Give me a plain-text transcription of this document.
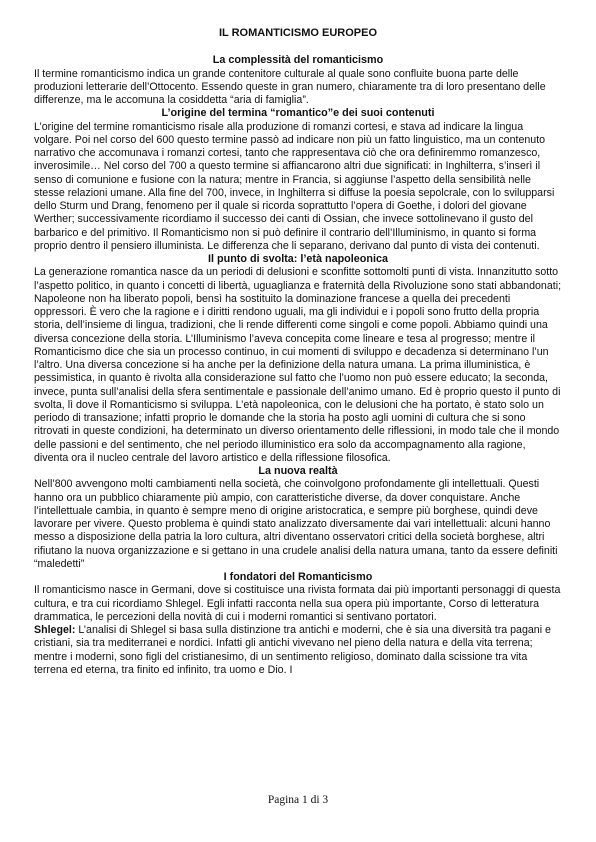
IL ROMANTICISMO EUROPEO
La complessità del romanticismo

Il termine romanticismo indica un grande contenitore culturale al quale sono confluite buona parte delle produzioni letterarie dell’Ottocento. Essendo queste in gran numero, chiaramente tra di loro presentano delle differenze, ma le accomuna la cosiddetta “aria di famiglia”.

L’origine del termina “romantico”e dei suoi contenuti

L’origine del termine romanticismo risale alla produzione di romanzi cortesi, e stava ad indicare la lingua volgare. Poi nel corso del 600 questo termine passò ad indicare non più un fatto linguistico, ma un contenuto narrativo che accomunava i romanzi cortesi, tanto che rappresentava ciò che ora definiremmo romanzesco, inverosimile… Nel corso del 700 a questo termine si affiancarono altri due significati: in Inghilterra, s’inserì il senso di comunione e fusione con la natura; mentre in Francia, si aggiunse l’aspetto della sensibilità nelle stesse relazioni umane. Alla fine del 700, invece, in Inghilterra si diffuse la poesia sepolcrale, con lo svilupparsi dello Sturm und Drang, fenomeno per il quale si ricorda soprattutto l’opera di Goethe, i dolori del giovane Werther; successivamente ricordiamo il successo dei canti di Ossian, che invece sottolinevano il gusto del barbarico e del primitivo. Il Romanticismo non si può definire il contrario dell’Illuminismo, in quanto si forma proprio dentro il pensiero illuminista. Le differenza che li separano, derivano dal punto di vista dei contenuti.

Il punto di svolta: l’età napoleonica

La generazione romantica nasce da un periodi di delusioni e sconfitte sottomolti punti di vista. Innanzitutto sotto l’aspetto politico, in quanto i concetti di libertà, uguaglianza e fraternità della Rivoluzione sono stati abbandonati; Napoleone non ha liberato popoli, bensì ha sostituito la dominazione francese a quella dei precedenti oppressori. È vero che la ragione e i diritti rendono uguali, ma gli individui e i popoli sono frutto della propria storia, dell’insieme di lingua, tradizioni, che li rende differenti come singoli e come popoli. Abbiamo quindi una diversa concezione della storia. L’Illuminismo l’aveva concepita come lineare e tesa al progresso; mentre il Romanticismo dice che sia un processo continuo, in cui momenti di sviluppo e decadenza si determinano l’un l’altro. Una diversa concezione si ha anche per la definizione della natura umana. La prima illuministica, è pessimistica, in quanto è rivolta alla considerazione sul fatto che l’uomo non può essere educato; la seconda, invece, punta sull’analisi della sfera sentimentale e passionale dell’animo umano. Ed è proprio questo il punto di svolta, lì dove il Romanticismo si sviluppa. L’età napoleonica, con le delusioni che ha portato, è stato solo un periodo di transazione; infatti proprio le domande che la storia ha posto agli uomini di cultura che si sono ritrovati in queste condizioni, ha determinato un diverso orientamento delle riflessioni, in modo tale che il mondo delle passioni e del sentimento, che nel periodo illuministico era solo da accompagnamento alla ragione, diventa ora il nucleo centrale del lavoro artistico e della riflessione filosofica.

La nuova realtà

Nell’800 avvengono molti cambiamenti nella società, che coinvolgono profondamente gli intellettuali. Questi hanno ora un pubblico chiaramente più ampio, con caratteristiche diverse, da dover conquistare. Anche l’intellettuale cambia, in quanto è sempre meno di origine aristocratica, e sempre più borghese, quindi deve lavorare per vivere. Questo problema è quindi stato analizzato diversamente dai vari intellettuali: alcuni hanno messo a disposizione della patria la loro cultura, altri diventano osservatori critici della società borghese, altri rifiutano la nuova organizzazione e si gettano in una crudele analisi della natura umana, tanto da essere definiti “maledetti”

I fondatori del Romanticismo

Il romanticismo nasce in Germani, dove si costituisce una rivista formata dai più importanti personaggi di questa cultura, e tra cui ricordiamo Shlegel. Egli infatti racconta nella sua opera più importante, Corso di letteratura drammatica, le percezioni della novità di cui i moderni romantici si sentivano portatori.

Shlegel: L’analisi di Shlegel si basa sulla distinzione tra antichi e moderni, che è sia una diversità tra pagani e cristiani, sia tra mediterranei e nordici. Infatti gli antichi vivevano nel pieno della natura e della vita terrena; mentre i moderni, sono figli del cristianesimo, di un sentimento religioso, dominato dalla scissione tra vita terrena ed eterna, tra finito ed infinito, tra uomo e Dio. I

Pagina 1 di 3
